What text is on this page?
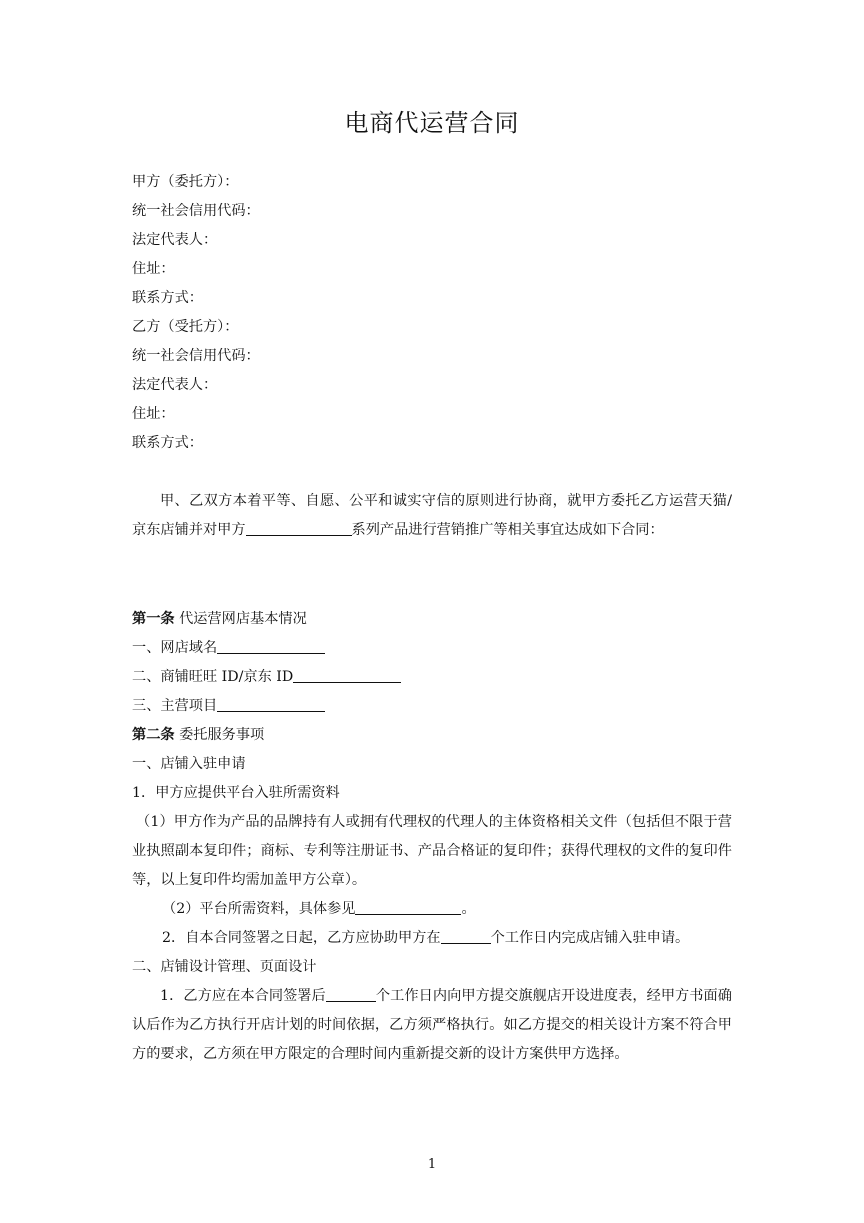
电商代运营合同
甲方（委托方）：
统一社会信用代码：
法定代表人：
住址：
联系方式：
乙方（受托方）：
统一社会信用代码：
法定代表人：
住址：
联系方式：
甲、乙双方本着平等、自愿、公平和诚实守信的原则进行协商，就甲方委托乙方运营天猫/京东店铺并对甲方	系列产品进行营销推广等相关事宜达成如下合同：
第一条 代运营网店基本情况
一、网店域名
二、商铺旺旺 ID/京东 ID
三、主营项目
第二条 委托服务事项
一、店铺入驻申请
1．甲方应提供平台入驻所需资料
（1）甲方作为产品的品牌持有人或拥有代理权的代理人的主体资格相关文件（包括但不限于营业执照副本复印件；商标、专利等注册证书、产品合格证的复印件；获得代理权的文件的复印件等，以上复印件均需加盖甲方公章）。
（2）平台所需资料，具体参见	。
2．自本合同签署之日起，乙方应协助甲方在	个工作日内完成店铺入驻申请。
二、店铺设计管理、页面设计
1．乙方应在本合同签署后	个工作日内向甲方提交旗舰店开设进度表，经甲方书面确认后作为乙方执行开店计划的时间依据，乙方须严格执行。如乙方提交的相关设计方案不符合甲方的要求，乙方须在甲方限定的合理时间内重新提交新的设计方案供甲方选择。
1
